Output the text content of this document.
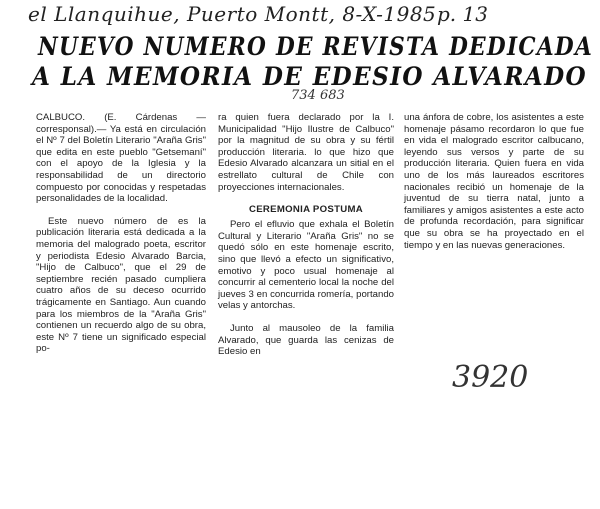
el Llanquihue, Puerto Montt, 8-X-1985 p. 13
NUEVO NUMERO DE REVISTA DEDICADA
A LA MEMORIA DE EDESIO ALVARADO
734 683

CALBUCO. (E. Cárdenas — corresponsal).— Ya está en circulación el Nº 7 del Boletín Literario "Araña Gris" que edita en este pueblo "Getsemaní" con el apoyo de la Iglesia y la responsabilidad de un directorio compuesto por conocidas y respetadas personalidades de la localidad.

Este nuevo número de es la publicación literaria está dedicada a la memoria del malogrado poeta, escritor y periodista Edesio Alvarado Barcia, "Hijo de Calbuco", que el 29 de septiembre recién pasado cumpliera cuatro años de su deceso ocurrido trágicamente en Santiago. Aun cuando para los miembros de la "Araña Gris" contienen un recuerdo algo de su obra, este Nº 7 tiene un significado especial po-

ra quien fuera declarado por la I. Municipalidad "Hijo Ilustre de Calbuco" por la magnitud de su obra y su fértil producción literaria. lo que hizo que Edesio Alvarado alcanzara un sitial en el estrellato cultural de Chile con proyecciones internacionales.

CEREMONIA POSTUMA

Pero el efluvio que exhala el Boletín Cultural y Literario "Araña Gris" no se quedó sólo en este homenaje escrito, sino que llevó a efecto un significativo, emotivo y poco usual homenaje al concurrir al cementerio local la noche del jueves 3 en concurrida romería, portando velas y antorchas.

Junto al mausoleo de la familia Alvarado, que guarda las cenizas de Edesio en

una ánfora de cobre, los asistentes a este homenaje pásamo recordaron lo que fue en vida el malogrado escritor calbucano, leyendo sus versos y parte de su producción literaria. Quien fuera en vida uno de los más laureados escritores nacionales recibió un homenaje de la juventud de su tierra natal, junto a familiares y amigos asistentes a este acto de profunda recordación, para significar que su obra se ha proyectado en el tiempo y en las nuevas generaciones.

3920
